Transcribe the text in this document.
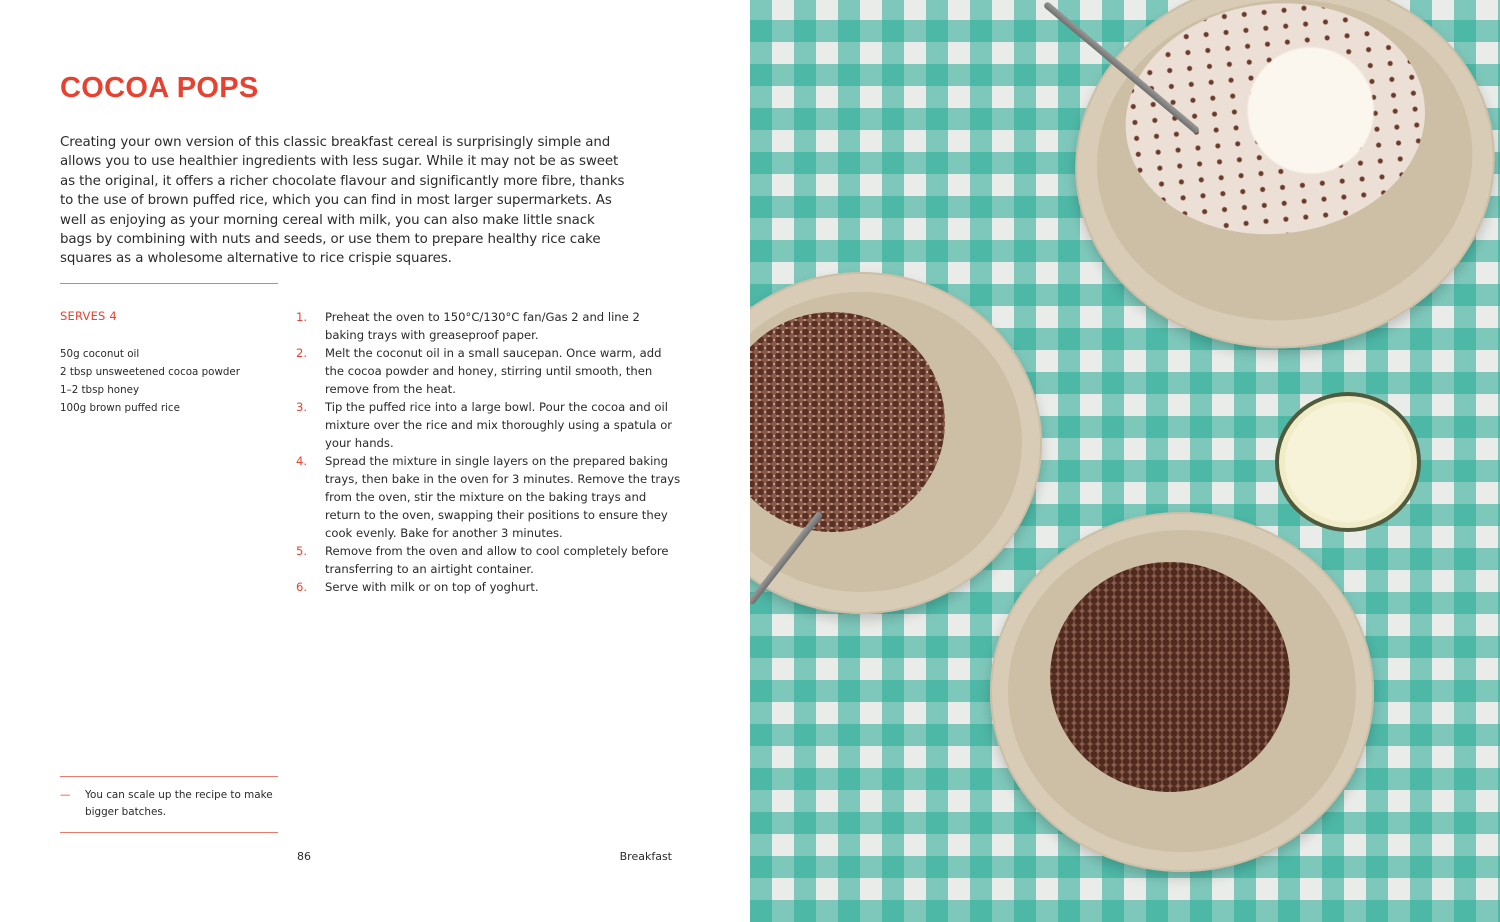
COCOA POPS

Creating your own version of this classic breakfast cereal is surprisingly simple and allows you to use healthier ingredients with less sugar. While it may not be as sweet as the original, it offers a richer chocolate flavour and significantly more fibre, thanks to the use of brown puffed rice, which you can find in most larger supermarkets. As well as enjoying as your morning cereal with milk, you can also make little snack bags by combining with nuts and seeds, or use them to prepare healthy rice cake squares as a wholesome alternative to rice crispie squares.

SERVES 4
50g coconut oil
2 tbsp unsweetened cocoa powder
1–2 tbsp honey
100g brown puffed rice
1.	Preheat the oven to 150°C/130°C fan/Gas 2 and line 2 baking trays with greaseproof paper.
2.	Melt the coconut oil in a small saucepan. Once warm, add the cocoa powder and honey, stirring until smooth, then remove from the heat.
3.	Tip the puffed rice into a large bowl. Pour the cocoa and oil mixture over the rice and mix thoroughly using a spatula or your hands.
4.	Spread the mixture in single layers on the prepared baking trays, then bake in the oven for 3 minutes. Remove the trays from the oven, stir the mixture on the baking trays and return to the oven, swapping their positions to ensure they cook evenly. Bake for another 3 minutes.
5.	Remove from the oven and allow to cool completely before transferring to an airtight container.
6.	Serve with milk or on top of yoghurt.
—	You can scale up the recipe to make bigger batches.
86	Breakfast
